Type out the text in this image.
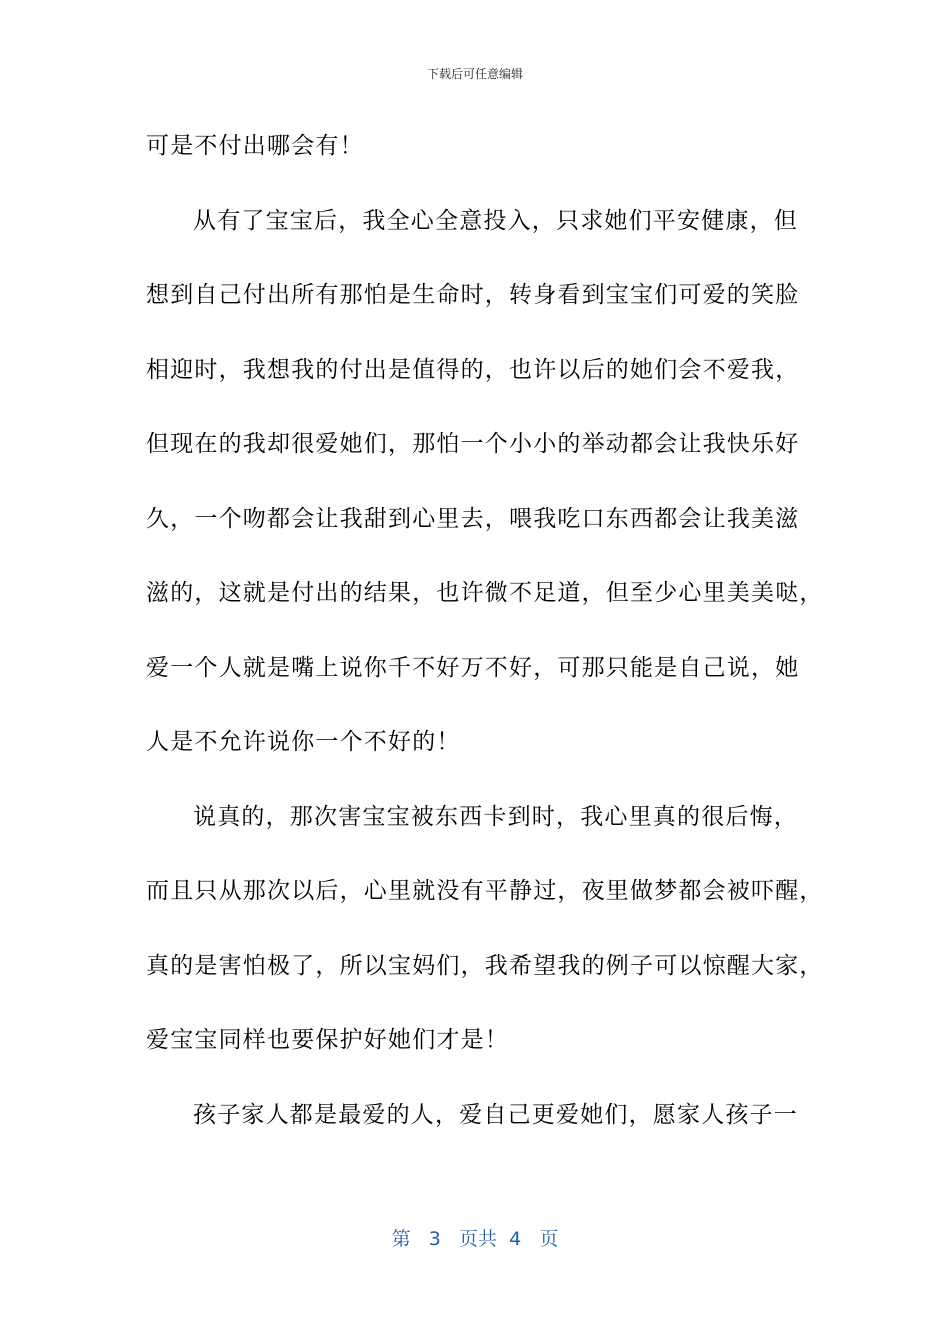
下载后可任意编辑
可是不付出哪会有！
从有了宝宝后，我全心全意投入，只求她们平安健康，但
想到自己付出所有那怕是生命时，转身看到宝宝们可爱的笑脸
相迎时，我想我的付出是值得的，也许以后的她们会不爱我，
但现在的我却很爱她们，那怕一个小小的举动都会让我快乐好
久，一个吻都会让我甜到心里去，喂我吃口东西都会让我美滋
滋的，这就是付出的结果，也许微不足道，但至少心里美美哒，
爱一个人就是嘴上说你千不好万不好，可那只能是自己说，她
人是不允许说你一个不好的！
说真的，那次害宝宝被东西卡到时，我心里真的很后悔，
而且只从那次以后，心里就没有平静过，夜里做梦都会被吓醒，
真的是害怕极了，所以宝妈们，我希望我的例子可以惊醒大家，
爱宝宝同样也要保护好她们才是！
孩子家人都是最爱的人，爱自己更爱她们，愿家人孩子一
第 3 页共 4 页
